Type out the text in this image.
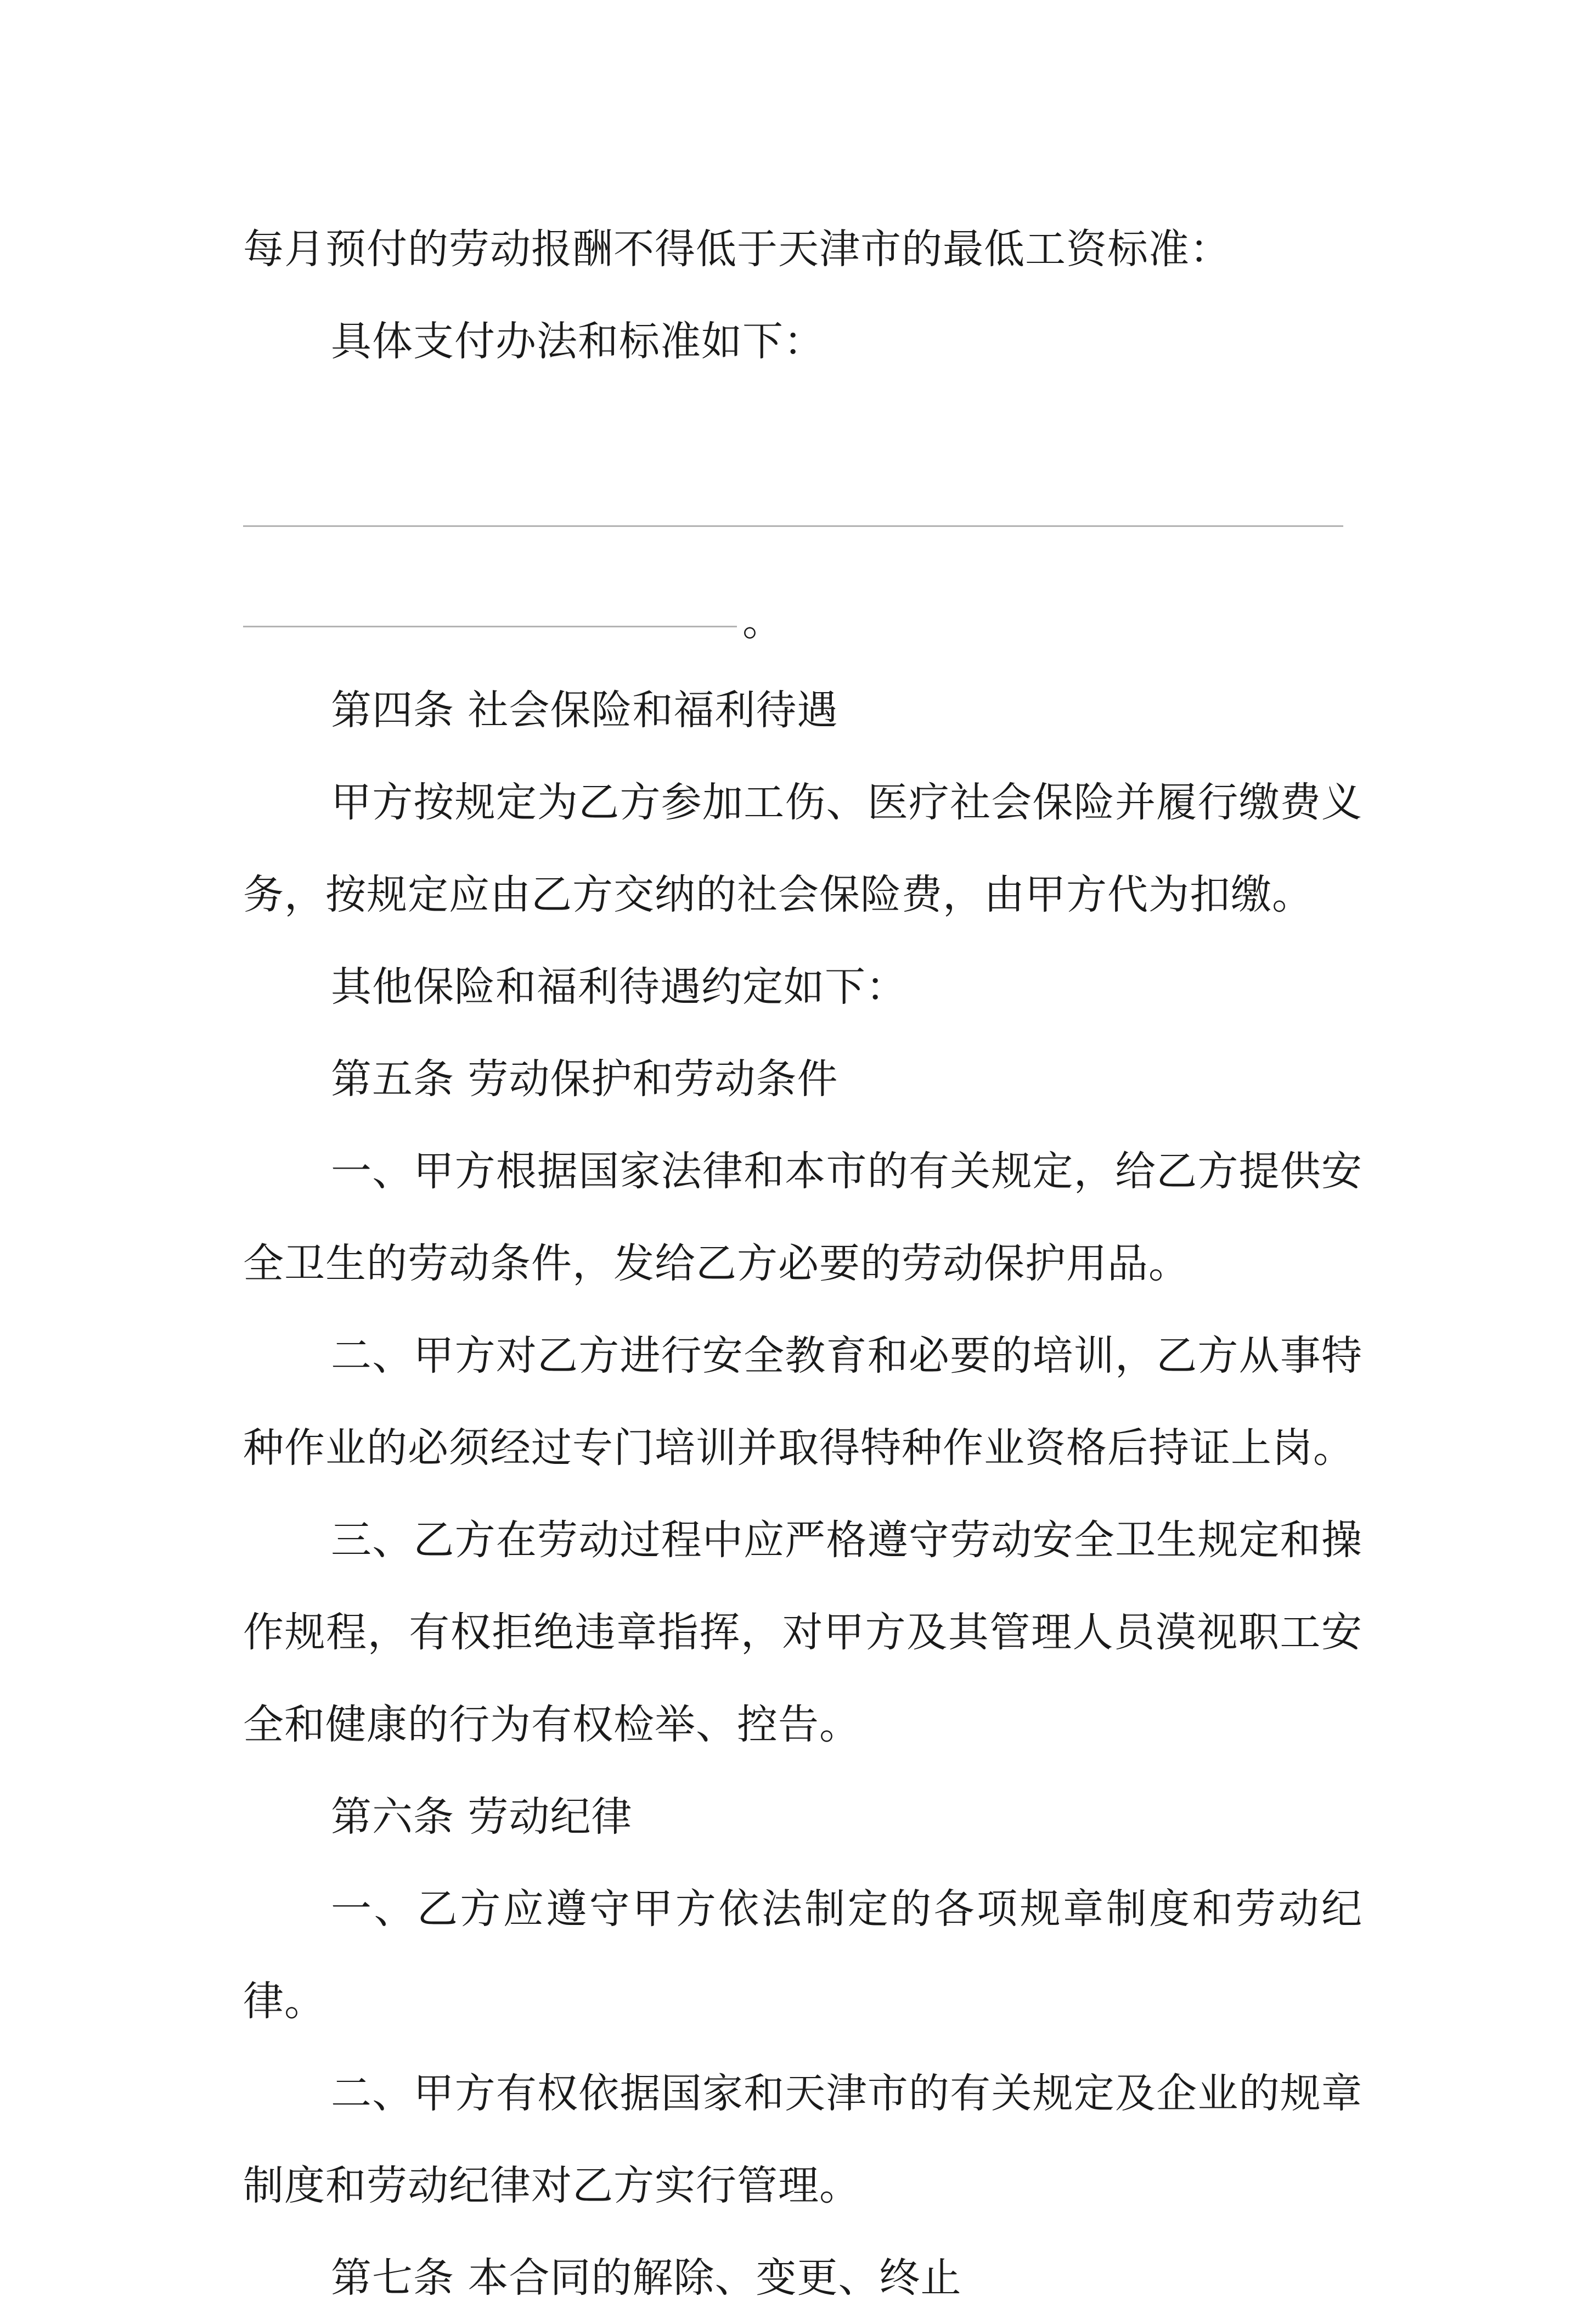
每月预付的劳动报酬不得低于天津市的最低工资标准：

具体支付办法和标准如下：

。

第四条 社会保险和福利待遇

甲方按规定为乙方参加工伤、医疗社会保险并履行缴费义务，按规定应由乙方交纳的社会保险费，由甲方代为扣缴。

其他保险和福利待遇约定如下：

第五条 劳动保护和劳动条件

一、甲方根据国家法律和本市的有关规定，给乙方提供安全卫生的劳动条件，发给乙方必要的劳动保护用品。

二、甲方对乙方进行安全教育和必要的培训，乙方从事特种作业的必须经过专门培训并取得特种作业资格后持证上岗。

三、乙方在劳动过程中应严格遵守劳动安全卫生规定和操作规程，有权拒绝违章指挥，对甲方及其管理人员漠视职工安全和健康的行为有权检举、控告。

第六条 劳动纪律

一、乙方应遵守甲方依法制定的各项规章制度和劳动纪律。

二、甲方有权依据国家和天津市的有关规定及企业的规章制度和劳动纪律对乙方实行管理。

第七条 本合同的解除、变更、终止
